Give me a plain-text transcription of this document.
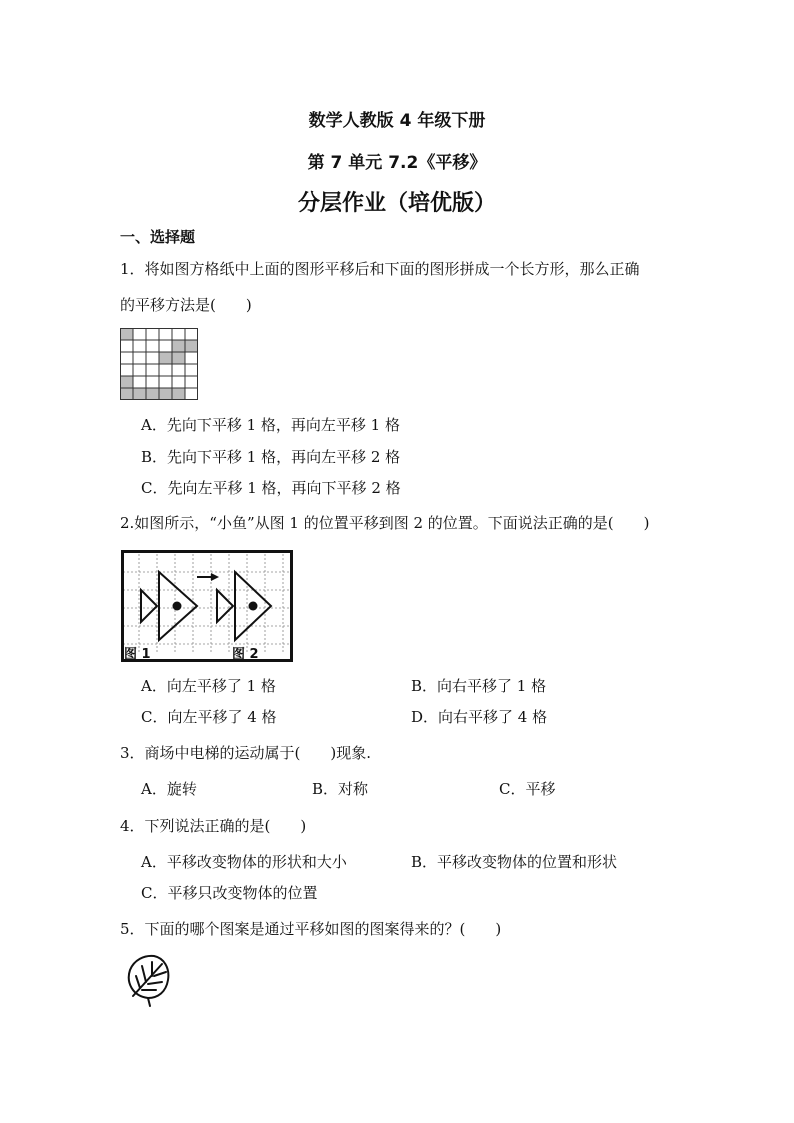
数学人教版 4 年级下册
第 7 单元 7.2《平移》
分层作业（培优版）
一、选择题
1．将如图方格纸中上面的图形平移后和下面的图形拼成一个长方形，那么正确
的平移方法是(　　)
A．先向下平移 1 格，再向左平移 1 格
B．先向下平移 1 格，再向左平移 2 格
C．先向左平移 1 格，再向下平移 2 格
2.如图所示，“小鱼”从图 1 的位置平移到图 2 的位置。下面说法正确的是(　　)
图 1	图 2
A．向左平移了 1 格	B．向右平移了 1 格
C．向左平移了 4 格	D．向右平移了 4 格
3．商场中电梯的运动属于(　　)现象.
A．旋转	B．对称	C．平移
4．下列说法正确的是(　　)
A．平移改变物体的形状和大小	B．平移改变物体的位置和形状
C．平移只改变物体的位置
5．下面的哪个图案是通过平移如图的图案得来的？(　　)
